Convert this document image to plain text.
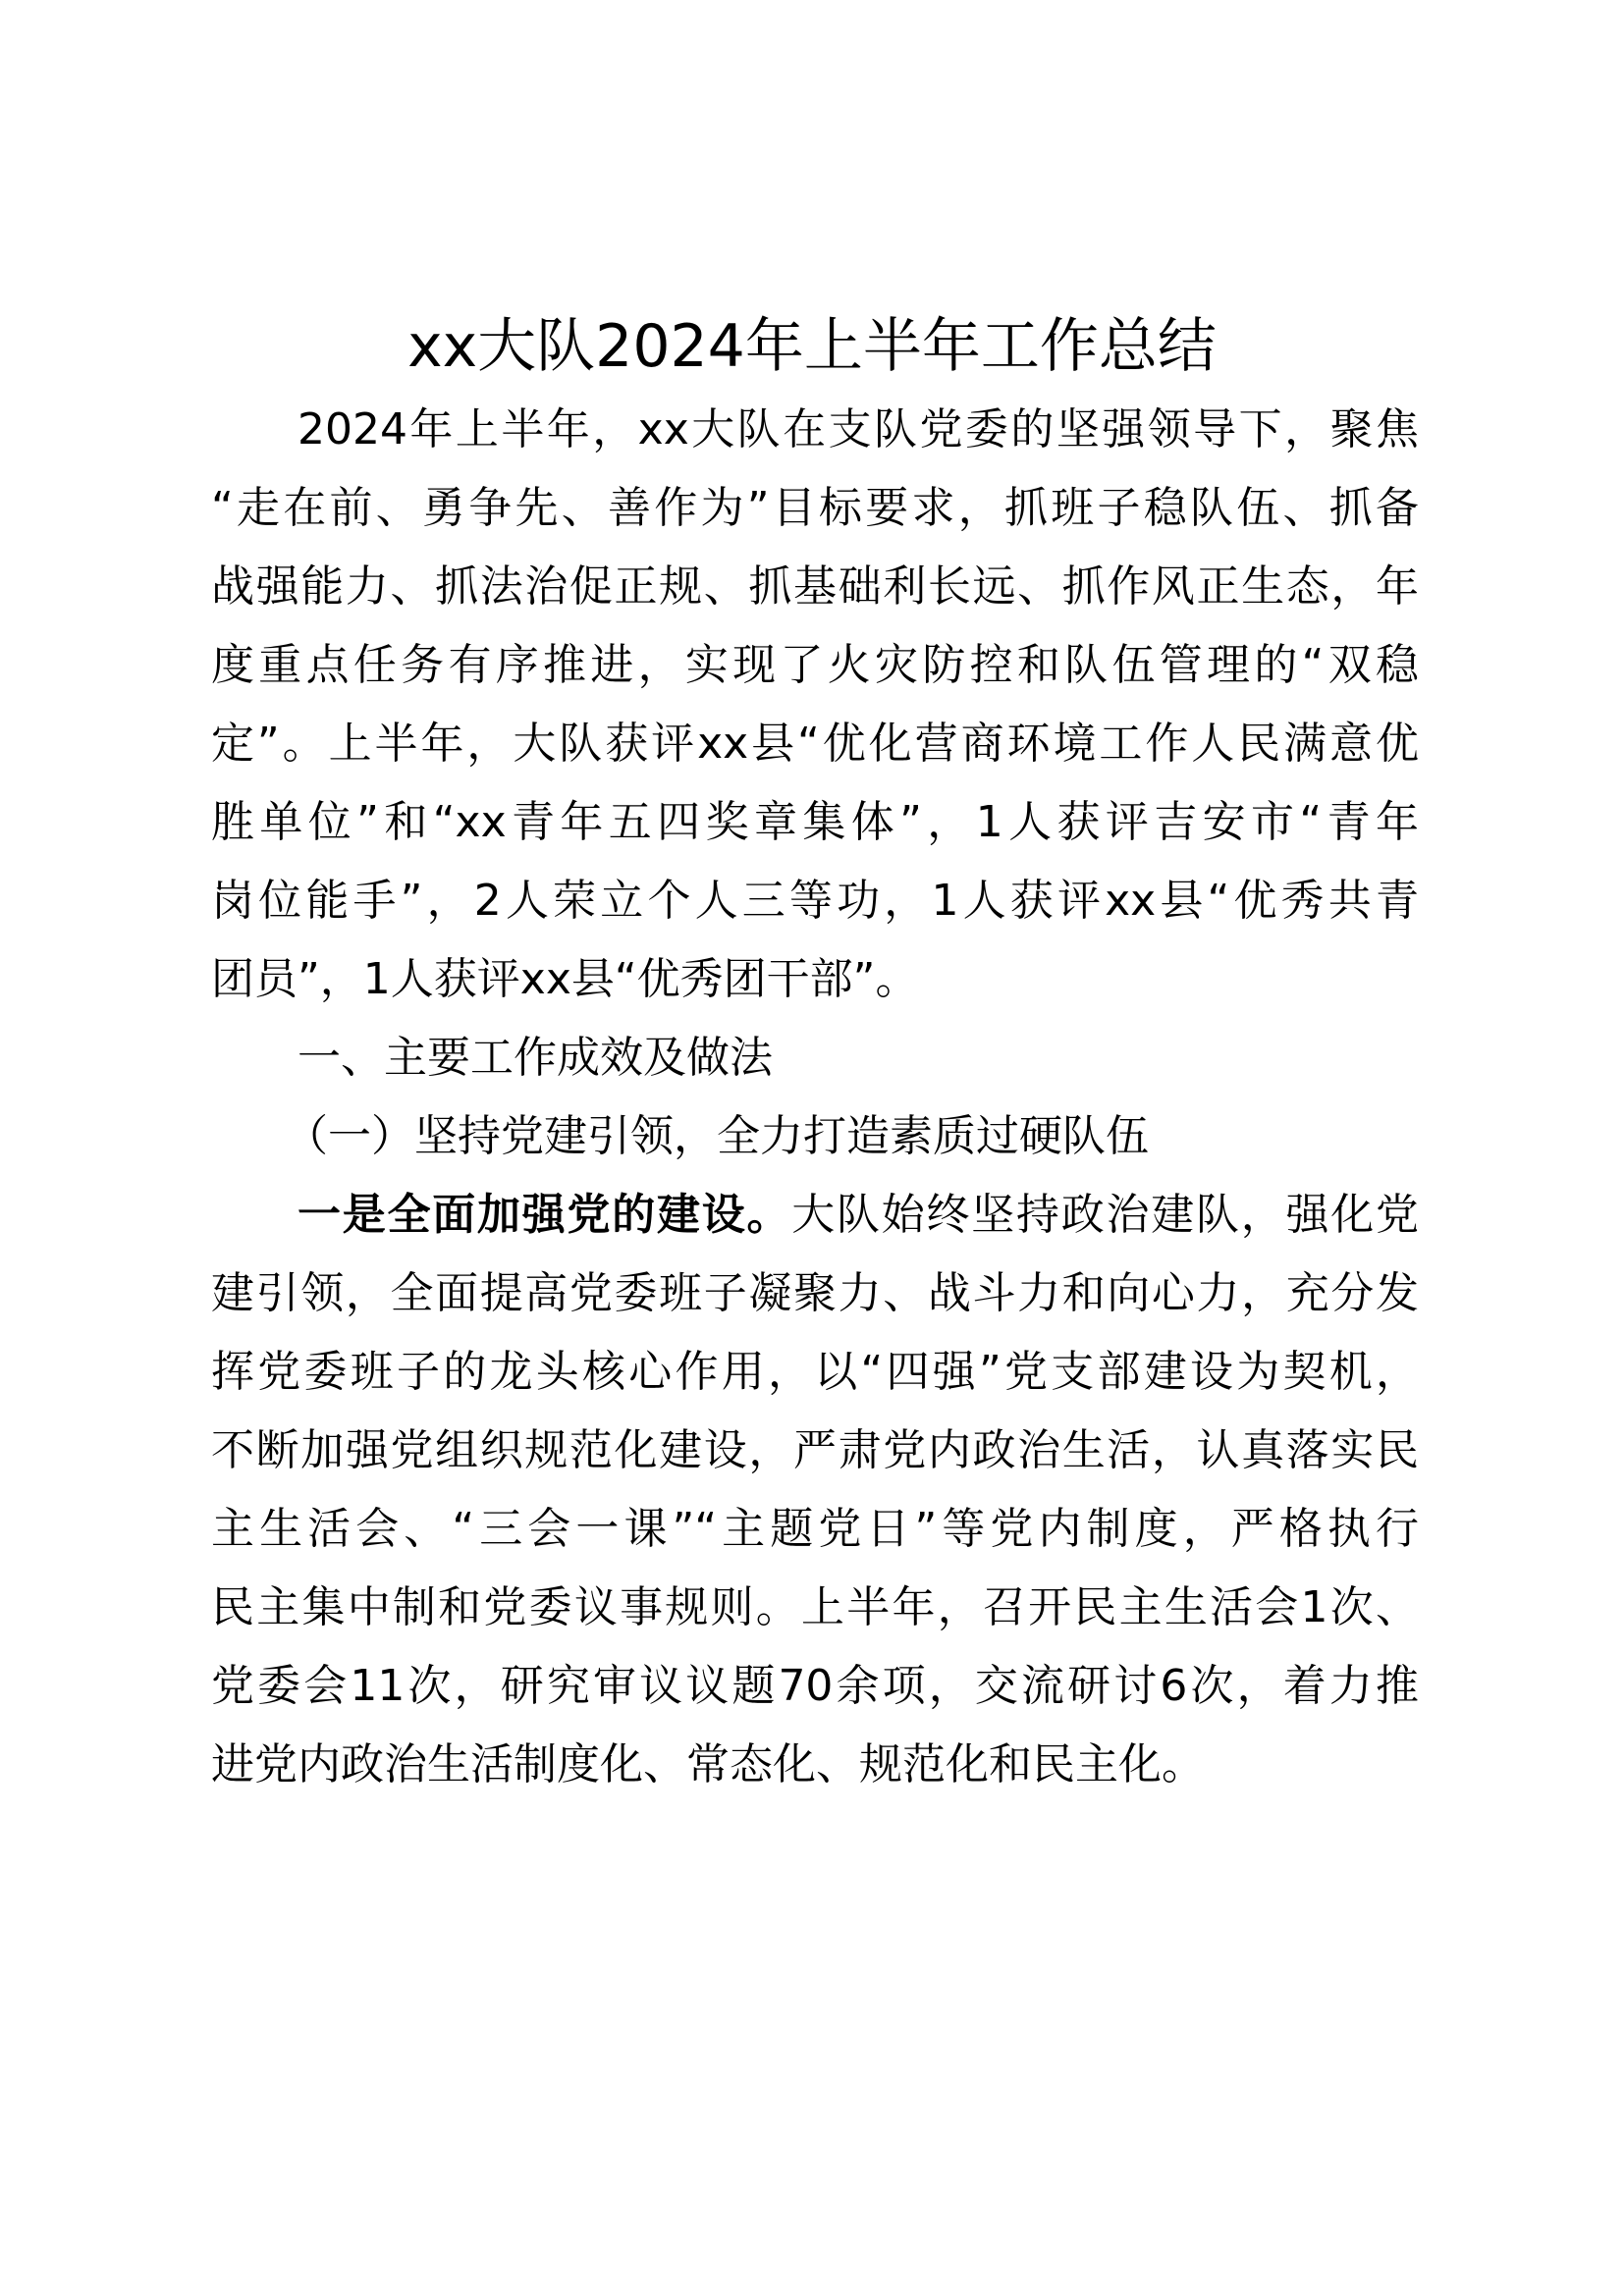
xx大队2024年上半年工作总结
2024年上半年，xx大队在支队党委的坚强领导下，聚焦
“走在前、勇争先、善作为”目标要求，抓班子稳队伍、抓备
战强能力、抓法治促正规、抓基础利长远、抓作风正生态，年
度重点任务有序推进，实现了火灾防控和队伍管理的“双稳
定”。上半年，大队获评xx县“优化营商环境工作人民满意优
胜单位”和“xx青年五四奖章集体”，1人获评吉安市“青年
岗位能手”，2人荣立个人三等功，1人获评xx县“优秀共青
团员”，1人获评xx县“优秀团干部”。
一、主要工作成效及做法
（一）坚持党建引领，全力打造素质过硬队伍
一是全面加强党的建设。大队始终坚持政治建队，强化党
建引领，全面提高党委班子凝聚力、战斗力和向心力，充分发
挥党委班子的龙头核心作用，以“四强”党支部建设为契机，
不断加强党组织规范化建设，严肃党内政治生活，认真落实民
主生活会、“三会一课”“主题党日”等党内制度，严格执行
民主集中制和党委议事规则。上半年，召开民主生活会1次、
党委会11次，研究审议议题70余项，交流研讨6次，着力推
进党内政治生活制度化、常态化、规范化和民主化。
